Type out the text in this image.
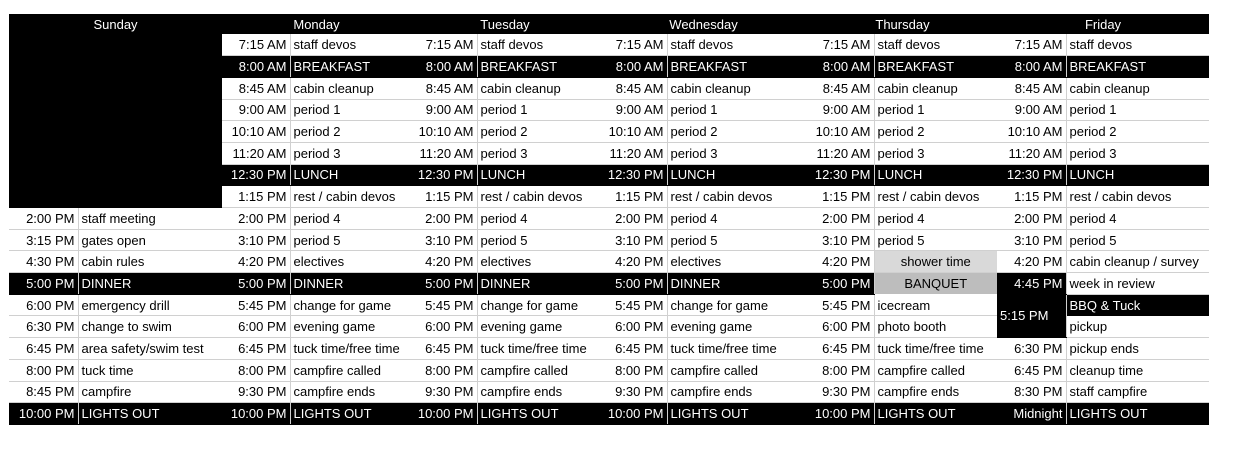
Sunday		Monday		Tuesday		Wednesday		Thursday		Friday	
		7:15 AM	staff devos	7:15 AM	staff devos	7:15 AM	staff devos	7:15 AM	staff devos	7:15 AM	staff devos
		8:00 AM	BREAKFAST	8:00 AM	BREAKFAST	8:00 AM	BREAKFAST	8:00 AM	BREAKFAST	8:00 AM	BREAKFAST
		8:45 AM	cabin cleanup	8:45 AM	cabin cleanup	8:45 AM	cabin cleanup	8:45 AM	cabin cleanup	8:45 AM	cabin cleanup
		9:00 AM	period 1	9:00 AM	period 1	9:00 AM	period 1	9:00 AM	period 1	9:00 AM	period 1
		10:10 AM	period 2	10:10 AM	period 2	10:10 AM	period 2	10:10 AM	period 2	10:10 AM	period 2
		11:20 AM	period 3	11:20 AM	period 3	11:20 AM	period 3	11:20 AM	period 3	11:20 AM	period 3
		12:30 PM	LUNCH	12:30 PM	LUNCH	12:30 PM	LUNCH	12:30 PM	LUNCH	12:30 PM	LUNCH
		1:15 PM	rest / cabin devos	1:15 PM	rest / cabin devos	1:15 PM	rest / cabin devos	1:15 PM	rest / cabin devos	1:15 PM	rest / cabin devos
2:00 PM	staff meeting	2:00 PM	period 4	2:00 PM	period 4	2:00 PM	period 4	2:00 PM	period 4	2:00 PM	period 4
3:15 PM	gates open	3:10 PM	period 5	3:10 PM	period 5	3:10 PM	period 5	3:10 PM	period 5	3:10 PM	period 5
4:30 PM	cabin rules	4:20 PM	electives	4:20 PM	electives	4:20 PM	electives	4:20 PM	shower time	4:20 PM	cabin cleanup / survey
5:00 PM	DINNER	5:00 PM	DINNER	5:00 PM	DINNER	5:00 PM	DINNER	5:00 PM	BANQUET	4:45 PM	week in review
6:00 PM	emergency drill	5:45 PM	change for game	5:45 PM	change for game	5:45 PM	change for game	5:45 PM	icecream	5:15 PM	BBQ & Tuck
6:30 PM	change to swim	6:00 PM	evening game	6:00 PM	evening game	6:00 PM	evening game	6:00 PM	photo booth		pickup
6:45 PM	area safety/swim test	6:45 PM	tuck time/free time	6:45 PM	tuck time/free time	6:45 PM	tuck time/free time	6:45 PM	tuck time/free time	6:30 PM	pickup ends
8:00 PM	tuck time	8:00 PM	campfire called	8:00 PM	campfire called	8:00 PM	campfire called	8:00 PM	campfire called	6:45 PM	cleanup time
8:45 PM	campfire	9:30 PM	campfire ends	9:30 PM	campfire ends	9:30 PM	campfire ends	9:30 PM	campfire ends	8:30 PM	staff campfire
10:00 PM	LIGHTS OUT	10:00 PM	LIGHTS OUT	10:00 PM	LIGHTS OUT	10:00 PM	LIGHTS OUT	10:00 PM	LIGHTS OUT	Midnight	LIGHTS OUT
